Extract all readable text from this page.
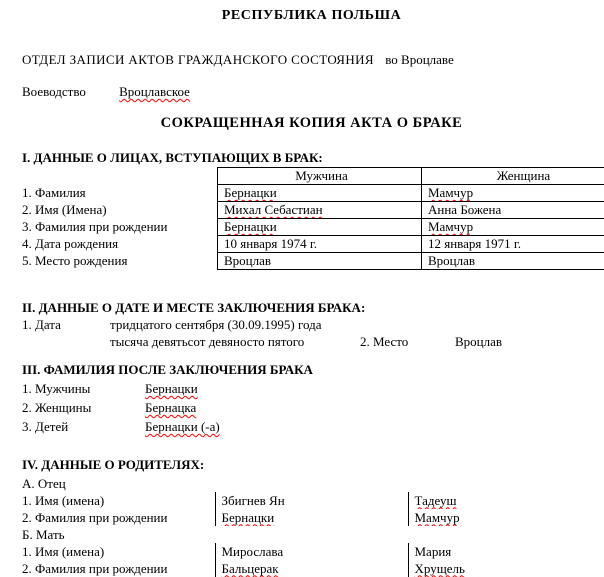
РЕСПУБЛИКА ПОЛЬША
ОТДЕЛ ЗАПИСИ АКТОВ ГРАЖДАНСКОГО СОСТОЯНИЯ во Вроцлаве
Воеводство	Вроцлавское
СОКРАЩЕННАЯ КОПИЯ АКТА О БРАКЕ
I. ДАННЫЕ О ЛИЦАХ, ВСТУПАЮЩИХ В БРАК:
	Мужчина	Женщина
1. Фамилия	Бернацки	Мамчур
2. Имя (Имена)	Михал Себастиан	Анна Божена
3. Фамилия при рождении	Бернацки	Мамчур
4. Дата рождения	10 января 1974 г.	12 января 1971 г.
5. Место рождения	Вроцлав	Вроцлав
II. ДАННЫЕ О ДАТЕ И МЕСТЕ ЗАКЛЮЧЕНИЯ БРАКА:
1. Дата	тридцатого сентября (30.09.1995) года
тысяча девятьсот девяносто пятого	2. Место	Вроцлав
III. ФАМИЛИЯ ПОСЛЕ ЗАКЛЮЧЕНИЯ БРАКА
1. Мужчины	Бернацки
2. Женщины	Бернацка
3. Детей	Бернацки (-а)
IV. ДАННЫЕ О РОДИТЕЛЯХ:
А. Отец		
1. Имя (имена)	Збигнев Ян	Тадеуш
2. Фамилия при рождении	Бернацки	Мамчур
Б. Мать		
1. Имя (имена)	Мирослава	Мария
2. Фамилия при рождении	Бальцерак	Хрущель
